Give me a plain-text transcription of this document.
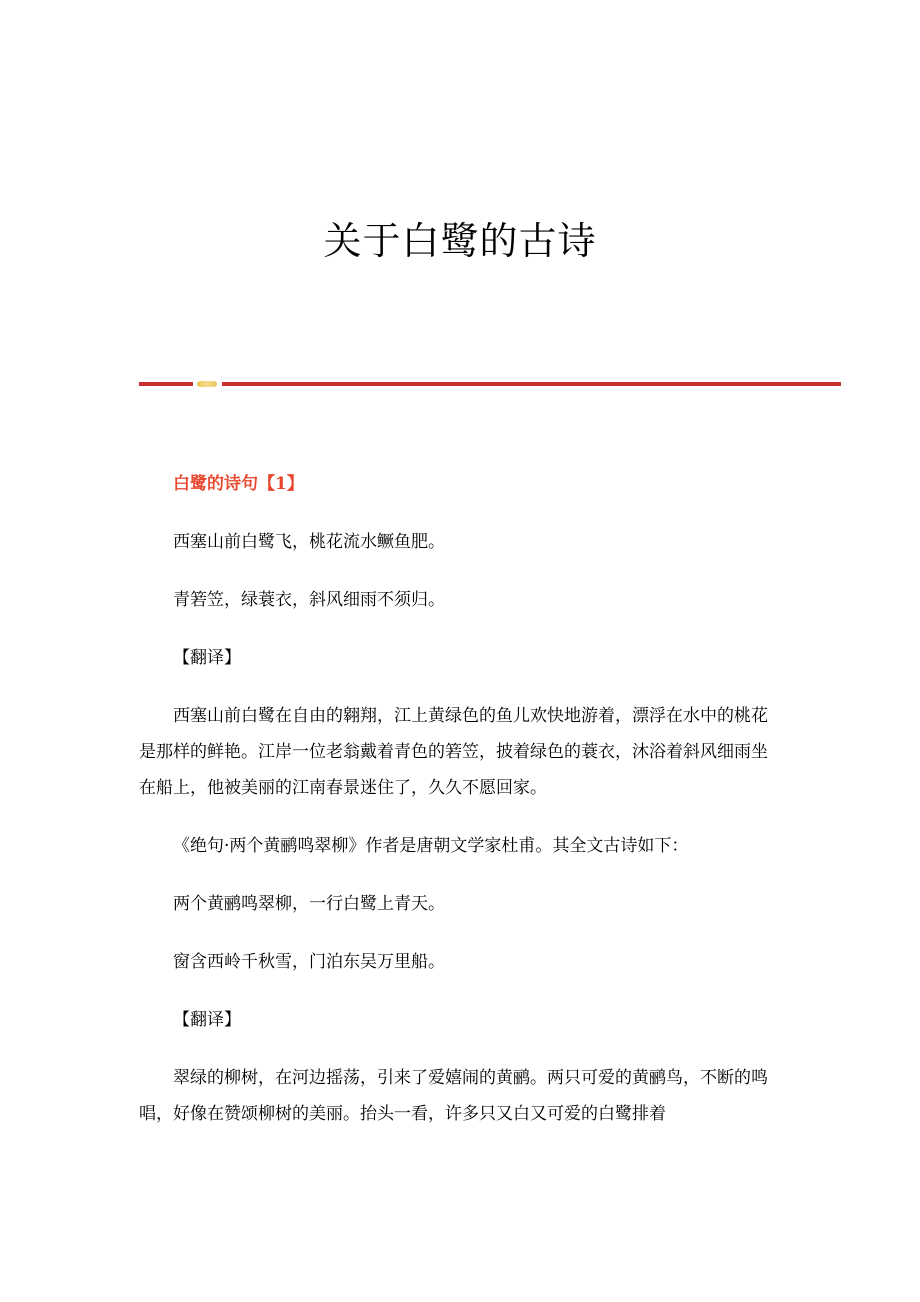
关于白鹭的古诗

白鹭的诗句【1】

西塞山前白鹭飞，桃花流水鳜鱼肥。

青箬笠，绿蓑衣，斜风细雨不须归。

【翻译】

西塞山前白鹭在自由的翱翔，江上黄绿色的鱼儿欢快地游着，漂浮在水中的桃花是那样的鲜艳。江岸一位老翁戴着青色的箬笠，披着绿色的蓑衣，沐浴着斜风细雨坐在船上，他被美丽的江南春景迷住了，久久不愿回家。

《绝句·两个黄鹂鸣翠柳》作者是唐朝文学家杜甫。其全文古诗如下：

两个黄鹂鸣翠柳，一行白鹭上青天。

窗含西岭千秋雪，门泊东吴万里船。

【翻译】

翠绿的柳树，在河边摇荡，引来了爱嬉闹的黄鹂。两只可爱的黄鹂鸟，不断的鸣唱，好像在赞颂柳树的美丽。抬头一看，许多只又白又可爱的白鹭排着
